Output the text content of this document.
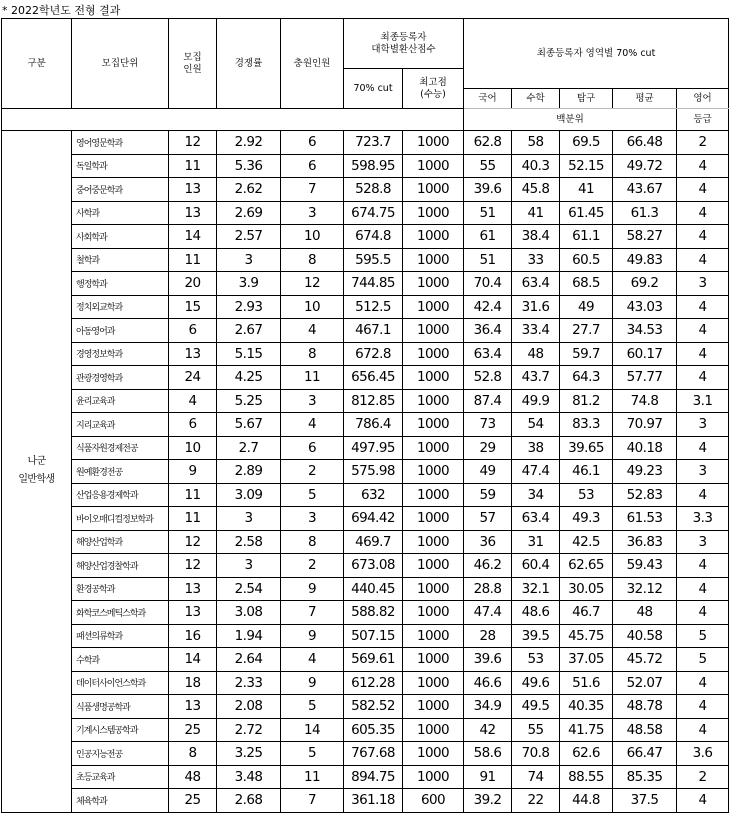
* 2022학년도 전형 결과
구분	모집단위	모집
인원	경쟁률	충원인원	최종등록자
대학별환산점수		최종등록자 영역별 70% cut				
					70% cut	최고점
(수능)					
							국어	수학	탐구	평균	영어
							백분위				등급
나군
일반학생	영어영문학과	12	2.92	6	723.7	1000	62.8	58	69.5	66.48	2
	독일학과	11	5.36	6	598.95	1000	55	40.3	52.15	49.72	4
	중어중문학과	13	2.62	7	528.8	1000	39.6	45.8	41	43.67	4
	사학과	13	2.69	3	674.75	1000	51	41	61.45	61.3	4
	사회학과	14	2.57	10	674.8	1000	61	38.4	61.1	58.27	4
	철학과	11	3	8	595.5	1000	51	33	60.5	49.83	4
	행정학과	20	3.9	12	744.85	1000	70.4	63.4	68.5	69.2	3
	정치외교학과	15	2.93	10	512.5	1000	42.4	31.6	49	43.03	4
	아동영어과	6	2.67	4	467.1	1000	36.4	33.4	27.7	34.53	4
	경영정보학과	13	5.15	8	672.8	1000	63.4	48	59.7	60.17	4
	관광경영학과	24	4.25	11	656.45	1000	52.8	43.7	64.3	57.77	4
	윤리교육과	4	5.25	3	812.85	1000	87.4	49.9	81.2	74.8	3.1
	지리교육과	6	5.67	4	786.4	1000	73	54	83.3	70.97	3
	식품자원경제전공	10	2.7	6	497.95	1000	29	38	39.65	40.18	4
	원예환경전공	9	2.89	2	575.98	1000	49	47.4	46.1	49.23	3
	산업응용경제학과	11	3.09	5	632	1000	59	34	53	52.83	4
	바이오매디컬정보학과	11	3	3	694.42	1000	57	63.4	49.3	61.53	3.3
	해양산업학과	12	2.58	8	469.7	1000	36	31	42.5	36.83	3
	해양산업경찰학과	12	3	2	673.08	1000	46.2	60.4	62.65	59.43	4
	환경공학과	13	2.54	9	440.45	1000	28.8	32.1	30.05	32.12	4
	화학코스메틱스학과	13	3.08	7	588.82	1000	47.4	48.6	46.7	48	4
	패션의류학과	16	1.94	9	507.15	1000	28	39.5	45.75	40.58	5
	수학과	14	2.64	4	569.61	1000	39.6	53	37.05	45.72	5
	데이터사이언스학과	18	2.33	9	612.28	1000	46.6	49.6	51.6	52.07	4
	식품생명공학과	13	2.08	5	582.52	1000	34.9	49.5	40.35	48.78	4
	기계시스템공학과	25	2.72	14	605.35	1000	42	55	41.75	48.58	4
	인공지능전공	8	3.25	5	767.68	1000	58.6	70.8	62.6	66.47	3.6
	초등교육과	48	3.48	11	894.75	1000	91	74	88.55	85.35	2
	체육학과	25	2.68	7	361.18	600	39.2	22	44.8	37.5	4
